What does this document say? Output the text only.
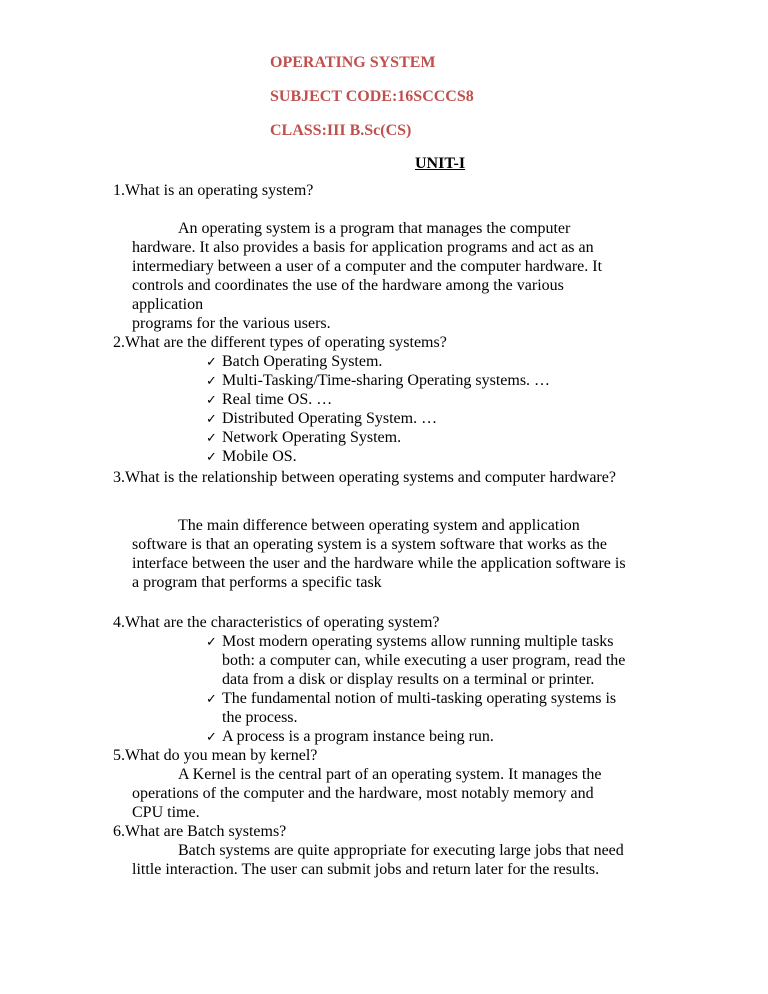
OPERATING SYSTEM
SUBJECT CODE:16SCCCS8
CLASS:III B.Sc(CS)
UNIT-I
1.What is an operating system?
An operating system is a program that manages the computer
hardware. It also provides a basis for application programs and act as an
intermediary between a user of a computer and the computer hardware. It
controls and coordinates the use of the hardware among the various
application
programs for the various users.
2.What are the different types of operating systems?
✓ Batch Operating System.
✓ Multi-Tasking/Time-sharing Operating systems. …
✓ Real time OS. …
✓ Distributed Operating System. …
✓ Network Operating System.
✓ Mobile OS.
3.What is the relationship between operating systems and computer hardware?
The main difference between operating system and application
software is that an operating system is a system software that works as the
interface between the user and the hardware while the application software is
a program that performs a specific task
4.What are the characteristics of operating system?
✓ Most modern operating systems allow running multiple tasks
both: a computer can, while executing a user program, read the
data from a disk or display results on a terminal or printer.
✓ The fundamental notion of multi-tasking operating systems is
the process.
✓ A process is a program instance being run.
5.What do you mean by kernel?
A Kernel is the central part of an operating system. It manages the
operations of the computer and the hardware, most notably memory and
CPU time.
6.What are Batch systems?
Batch systems are quite appropriate for executing large jobs that need
little interaction. The user can submit jobs and return later for the results.
